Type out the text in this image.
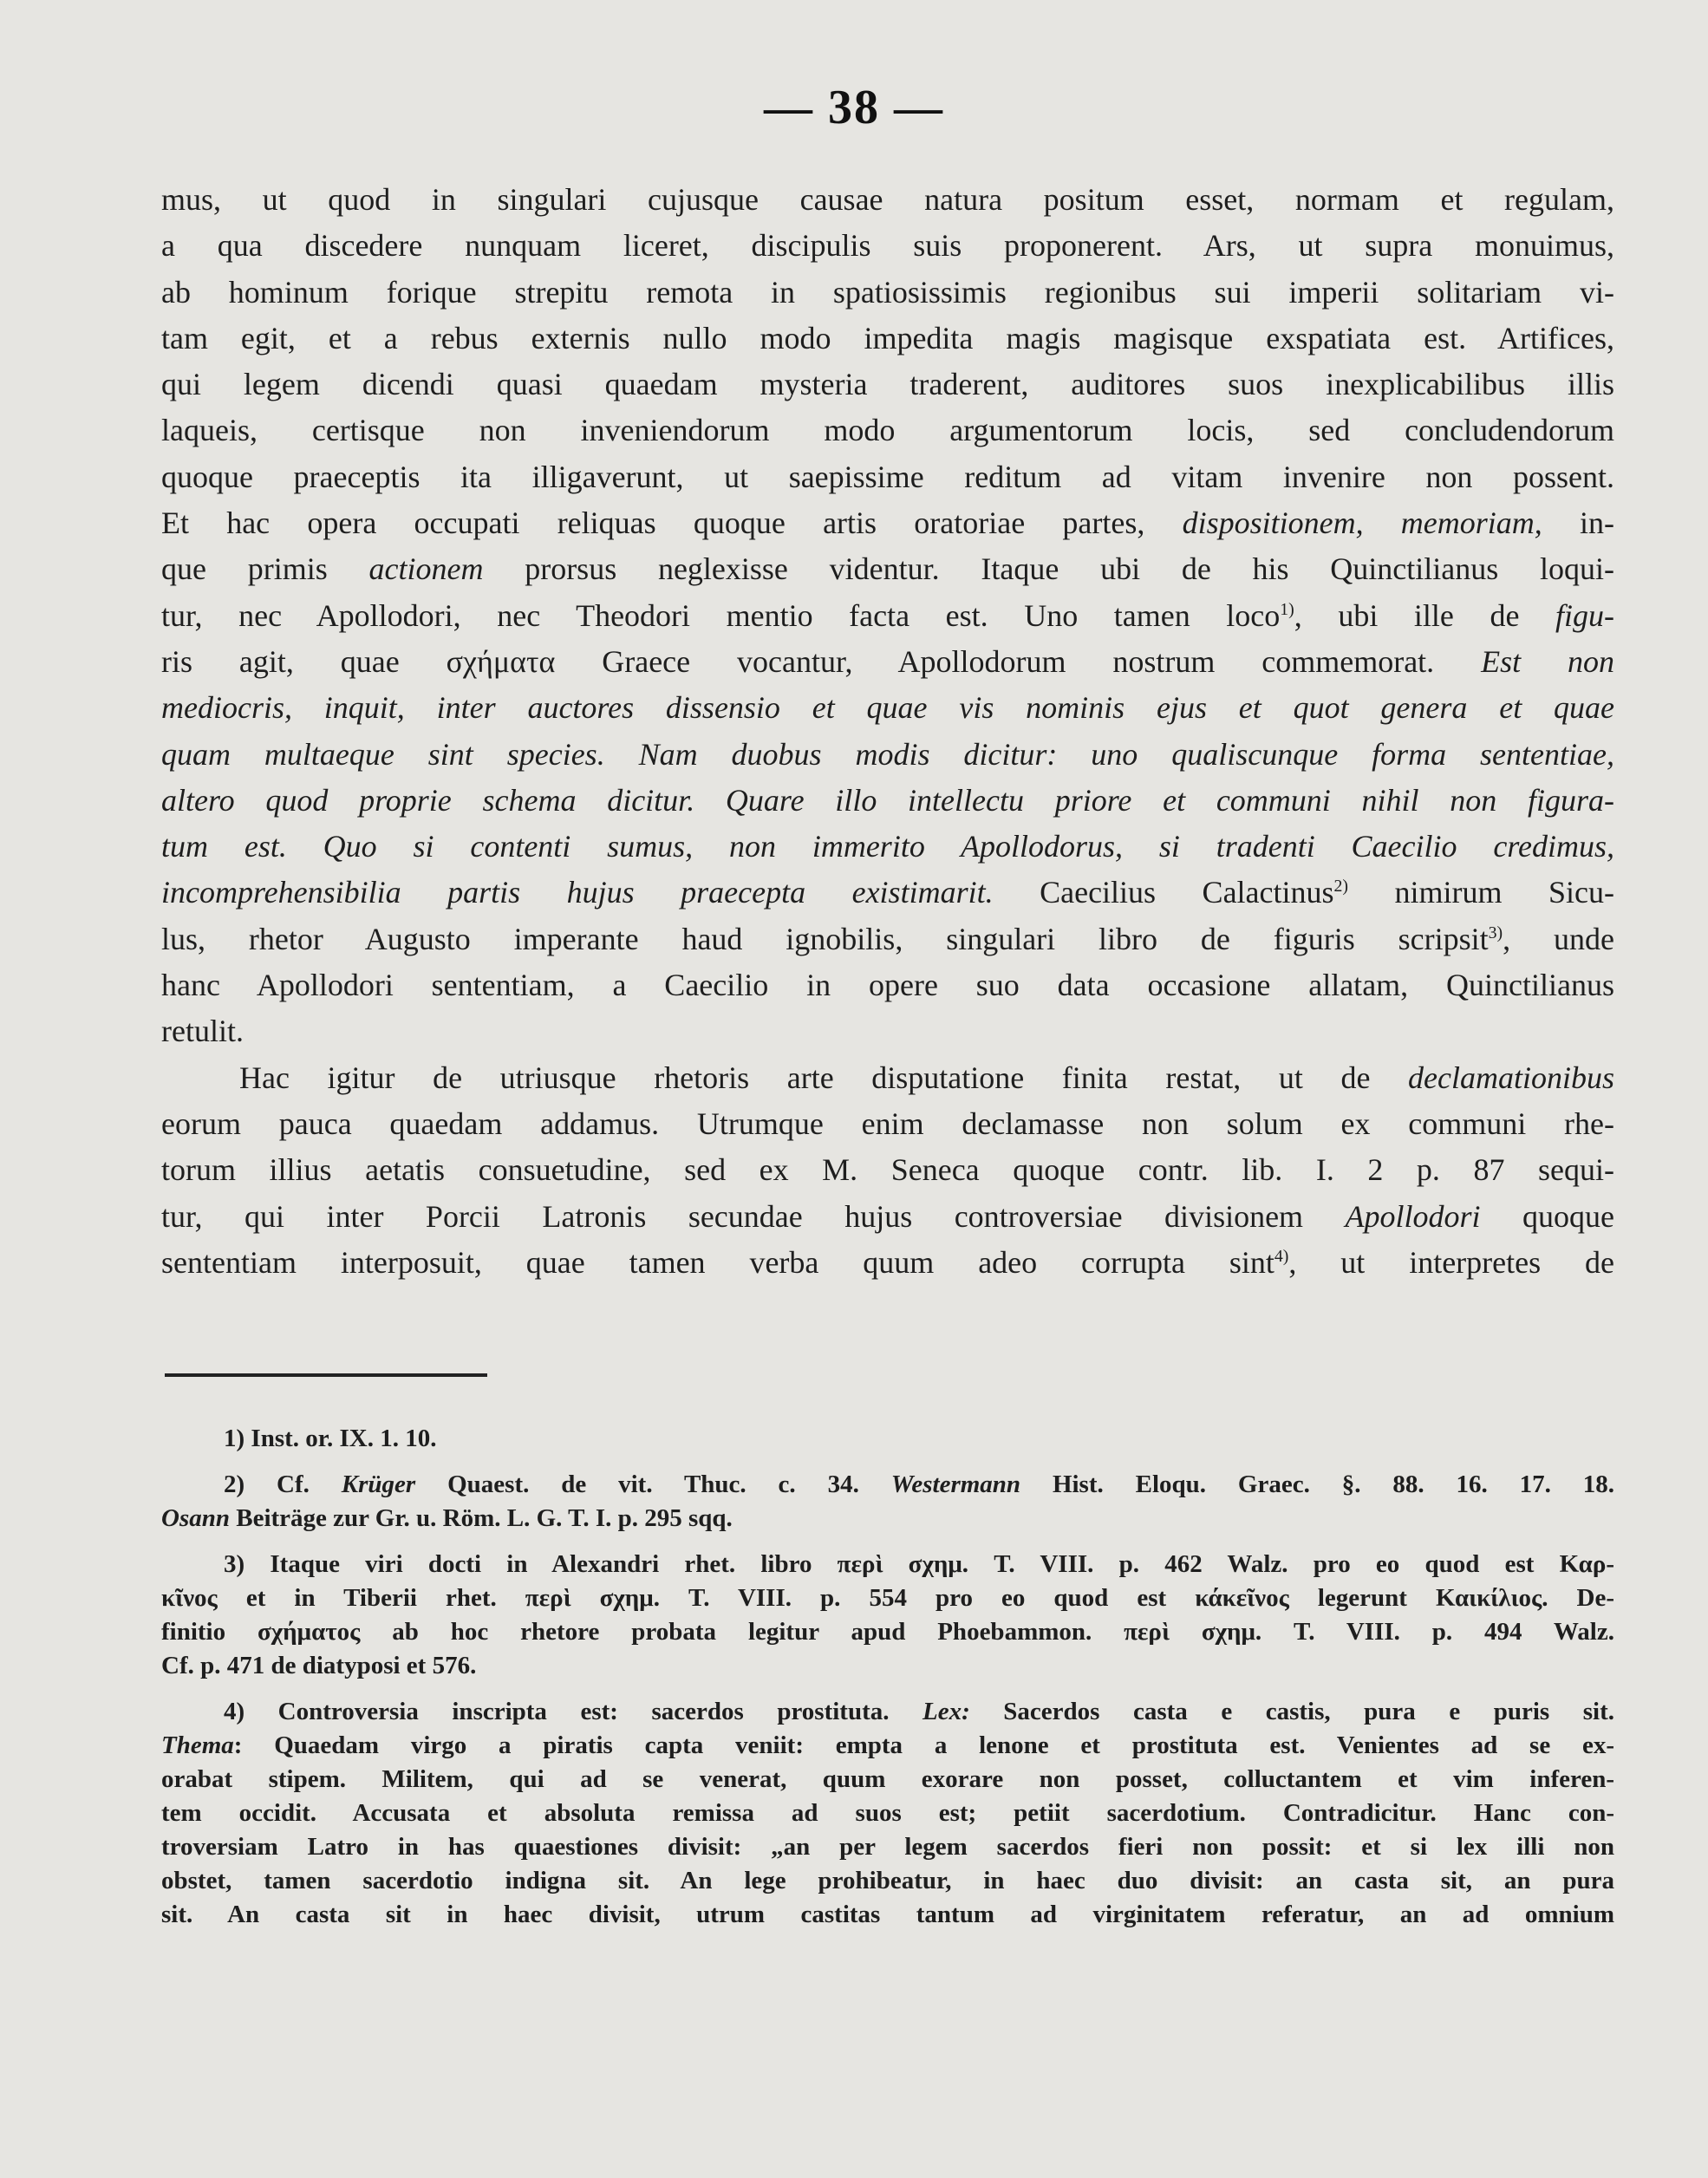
— 38 —
mus, ut quod in singulari cujusque causae natura positum esset, normam et regulam,
a qua discedere nunquam liceret, discipulis suis proponerent. Ars, ut supra monuimus,
ab hominum forique strepitu remota in spatiosissimis regionibus sui imperii solitariam vi-
tam egit, et a rebus externis nullo modo impedita magis magisque exspatiata est. Artifices,
qui legem dicendi quasi quaedam mysteria traderent, auditores suos inexplicabilibus illis
laqueis, certisque non inveniendorum modo argumentorum locis, sed concludendorum
quoque praeceptis ita illigaverunt, ut saepissime reditum ad vitam invenire non possent.
Et hac opera occupati reliquas quoque artis oratoriae partes, dispositionem, memoriam, in-
que primis actionem prorsus neglexisse videntur. Itaque ubi de his Quinctilianus loqui-
tur, nec Apollodori, nec Theodori mentio facta est. Uno tamen loco$^{1)}$, ubi ille de figu-
ris agit, quae σχήματα Graece vocantur, Apollodorum nostrum commemorat. Est non
mediocris, inquit, inter auctores dissensio et quae vis nominis ejus et quot genera et quae
quam multaeque sint species. Nam duobus modis dicitur: uno qualiscunque forma sententiae,
altero quod proprie schema dicitur. Quare illo intellectu priore et communi nihil non figura-
tum est. Quo si contenti sumus, non immerito Apollodorus, si tradenti Caecilio credimus,
incomprehensibilia partis hujus praecepta existimarit. Caecilius Calactinus$^{2)}$ nimirum Sicu-
lus, rhetor Augusto imperante haud ignobilis, singulari libro de figuris scripsit$^{3)}$, unde
hanc Apollodori sententiam, a Caecilio in opere suo data occasione allatam, Quinctilianus
retulit.
Hac igitur de utriusque rhetoris arte disputatione finita restat, ut de declamationibus
eorum pauca quaedam addamus. Utrumque enim declamasse non solum ex communi rhe-
torum illius aetatis consuetudine, sed ex M. Seneca quoque contr. lib. I. 2 p. 87 sequi-
tur, qui inter Porcii Latronis secundae hujus controversiae divisionem Apollodori quoque
sententiam interposuit, quae tamen verba quum adeo corrupta sint$^{4)}$, ut interpretes de
1) Inst. or. IX. 1. 10.
2) Cf. Krüger Quaest. de vit. Thuc. c. 34. Westermann Hist. Eloqu. Graec. §. 88. 16. 17. 18.
Osann Beiträge zur Gr. u. Röm. L. G. T. I. p. 295 sqq.
3) Itaque viri docti in Alexandri rhet. libro περὶ σχημ. T. VIII. p. 462 Walz. pro eo quod est Καρ-
κῖνος et in Tiberii rhet. περὶ σχημ. T. VIII. p. 554 pro eo quod est κάκεῖνος legerunt Καικίλιος. De-
finitio σχήματος ab hoc rhetore probata legitur apud Phoebammon. περὶ σχημ. T. VIII. p. 494 Walz.
Cf. p. 471 de diatyposi et 576.
4) Controversia inscripta est: sacerdos prostituta. Lex: Sacerdos casta e castis, pura e puris sit.
Thema: Quaedam virgo a piratis capta veniit: empta a lenone et prostituta est. Venientes ad se ex-
orabat stipem. Militem, qui ad se venerat, quum exorare non posset, colluctantem et vim inferen-
tem occidit. Accusata et absoluta remissa ad suos est; petiit sacerdotium. Contradicitur. Hanc con-
troversiam Latro in has quaestiones divisit: „an per legem sacerdos fieri non possit: et si lex illi non
obstet, tamen sacerdotio indigna sit. An lege prohibeatur, in haec duo divisit: an casta sit, an pura
sit. An casta sit in haec divisit, utrum castitas tantum ad virginitatem referatur, an ad omnium
